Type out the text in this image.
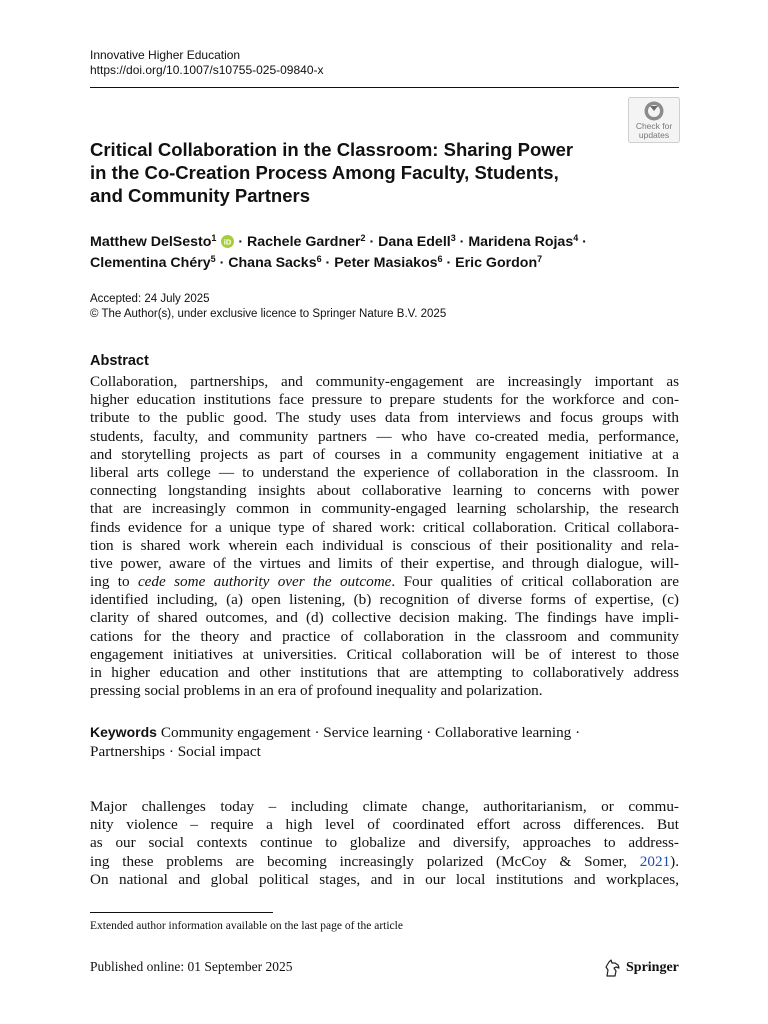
Innovative Higher Education
https://doi.org/10.1007/s10755-025-09840-x
Check for
updates
Critical Collaboration in the Classroom: Sharing Power
in the Co-Creation Process Among Faculty, Students,
and Community Partners
Matthew DelSesto$^1$ iD · Rachele Gardner$^2$ · Dana Edell$^3$ · Maridena Rojas$^4$ ·
Clementina Chéry$^5$ · Chana Sacks$^6$ · Peter Masiakos$^6$ · Eric Gordon$^7$
Accepted: 24 July 2025
© The Author(s), under exclusive licence to Springer Nature B.V. 2025
Abstract
Collaboration, partnerships, and community-engagement are increasingly important as
higher education institutions face pressure to prepare students for the workforce and con-
tribute to the public good. The study uses data from interviews and focus groups with
students, faculty, and community partners — who have co-created media, performance,
and storytelling projects as part of courses in a community engagement initiative at a
liberal arts college — to understand the experience of collaboration in the classroom. In
connecting longstanding insights about collaborative learning to concerns with power
that are increasingly common in community-engaged learning scholarship, the research
finds evidence for a unique type of shared work: critical collaboration. Critical collabora-
tion is shared work wherein each individual is conscious of their positionality and rela-
tive power, aware of the virtues and limits of their expertise, and through dialogue, will-
ing to cede some authority over the outcome. Four qualities of critical collaboration are
identified including, (a) open listening, (b) recognition of diverse forms of expertise, (c)
clarity of shared outcomes, and (d) collective decision making. The findings have impli-
cations for the theory and practice of collaboration in the classroom and community
engagement initiatives at universities. Critical collaboration will be of interest to those
in higher education and other institutions that are attempting to collaboratively address
pressing social problems in an era of profound inequality and polarization.
Keywords Community engagement · Service learning · Collaborative learning ·
Partnerships · Social impact
Major challenges today – including climate change, authoritarianism, or commu-
nity violence – require a high level of coordinated effort across differences. But
as our social contexts continue to globalize and diversify, approaches to address-
ing these problems are becoming increasingly polarized (McCoy & Somer, 2021).
On national and global political stages, and in our local institutions and workplaces,
Extended author information available on the last page of the article
Published online: 01 September 2025	Springer
